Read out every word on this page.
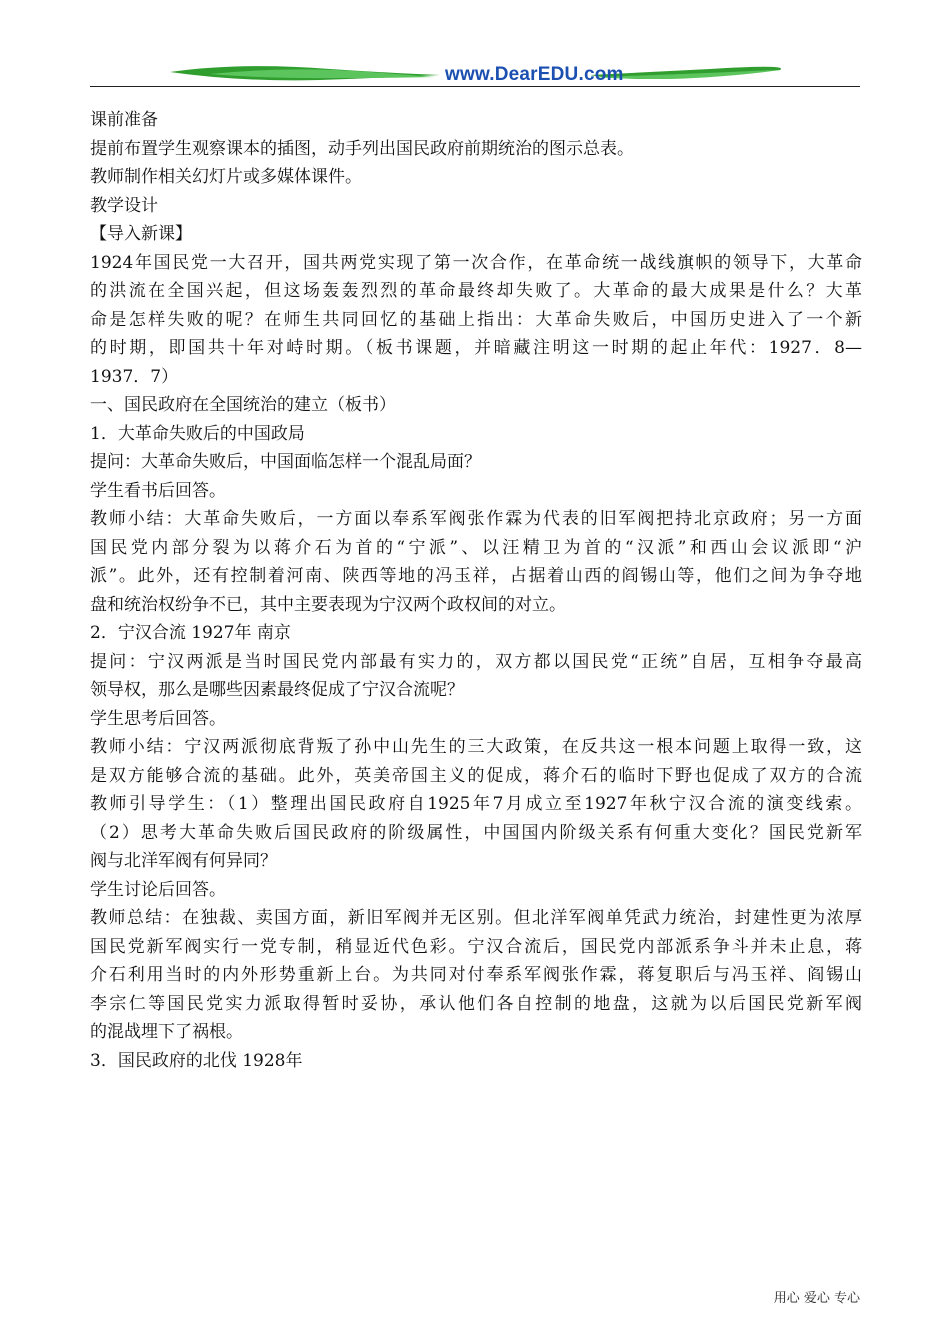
www.DearEDU.com
课前准备
提前布置学生观察课本的插图，动手列出国民政府前期统治的图示总表。
教师制作相关幻灯片或多媒体课件。
教学设计
【导入新课】
1924年国民党一大召开，国共两党实现了第一次合作，在革命统一战线旗帜的领导下，大革命
的洪流在全国兴起，但这场轰轰烈烈的革命最终却失败了。大革命的最大成果是什么？大革
命是怎样失败的呢？在师生共同回忆的基础上指出：大革命失败后，中国历史进入了一个新
的时期，即国共十年对峙时期。（板书课题，并暗藏注明这一时期的起止年代：1927．8—
1937．7）
一、国民政府在全国统治的建立（板书）
1．大革命失败后的中国政局
提问：大革命失败后，中国面临怎样一个混乱局面？
学生看书后回答。
教师小结：大革命失败后，一方面以奉系军阀张作霖为代表的旧军阀把持北京政府；另一方面
国民党内部分裂为以蒋介石为首的“宁派”、以汪精卫为首的“汉派”和西山会议派即“沪
派”。此外，还有控制着河南、陕西等地的冯玉祥，占据着山西的阎锡山等，他们之间为争夺地
盘和统治权纷争不已，其中主要表现为宁汉两个政权间的对立。
2．宁汉合流 1927年 南京
提问：宁汉两派是当时国民党内部最有实力的，双方都以国民党“正统”自居，互相争夺最高
领导权，那么是哪些因素最终促成了宁汉合流呢？
学生思考后回答。
教师小结：宁汉两派彻底背叛了孙中山先生的三大政策，在反共这一根本问题上取得一致，这
是双方能够合流的基础。此外，英美帝国主义的促成，蒋介石的临时下野也促成了双方的合流
教师引导学生：（1）整理出国民政府自1925年7月成立至1927年秋宁汉合流的演变线索。
（2）思考大革命失败后国民政府的阶级属性，中国国内阶级关系有何重大变化？国民党新军
阀与北洋军阀有何异同？
学生讨论后回答。
教师总结：在独裁、卖国方面，新旧军阀并无区别。但北洋军阀单凭武力统治，封建性更为浓厚
国民党新军阀实行一党专制，稍显近代色彩。宁汉合流后，国民党内部派系争斗并未止息，蒋
介石利用当时的内外形势重新上台。为共同对付奉系军阀张作霖，蒋复职后与冯玉祥、阎锡山
李宗仁等国民党实力派取得暂时妥协，承认他们各自控制的地盘，这就为以后国民党新军阀
的混战埋下了祸根。
3．国民政府的北伐 1928年
用心 爱心 专心
